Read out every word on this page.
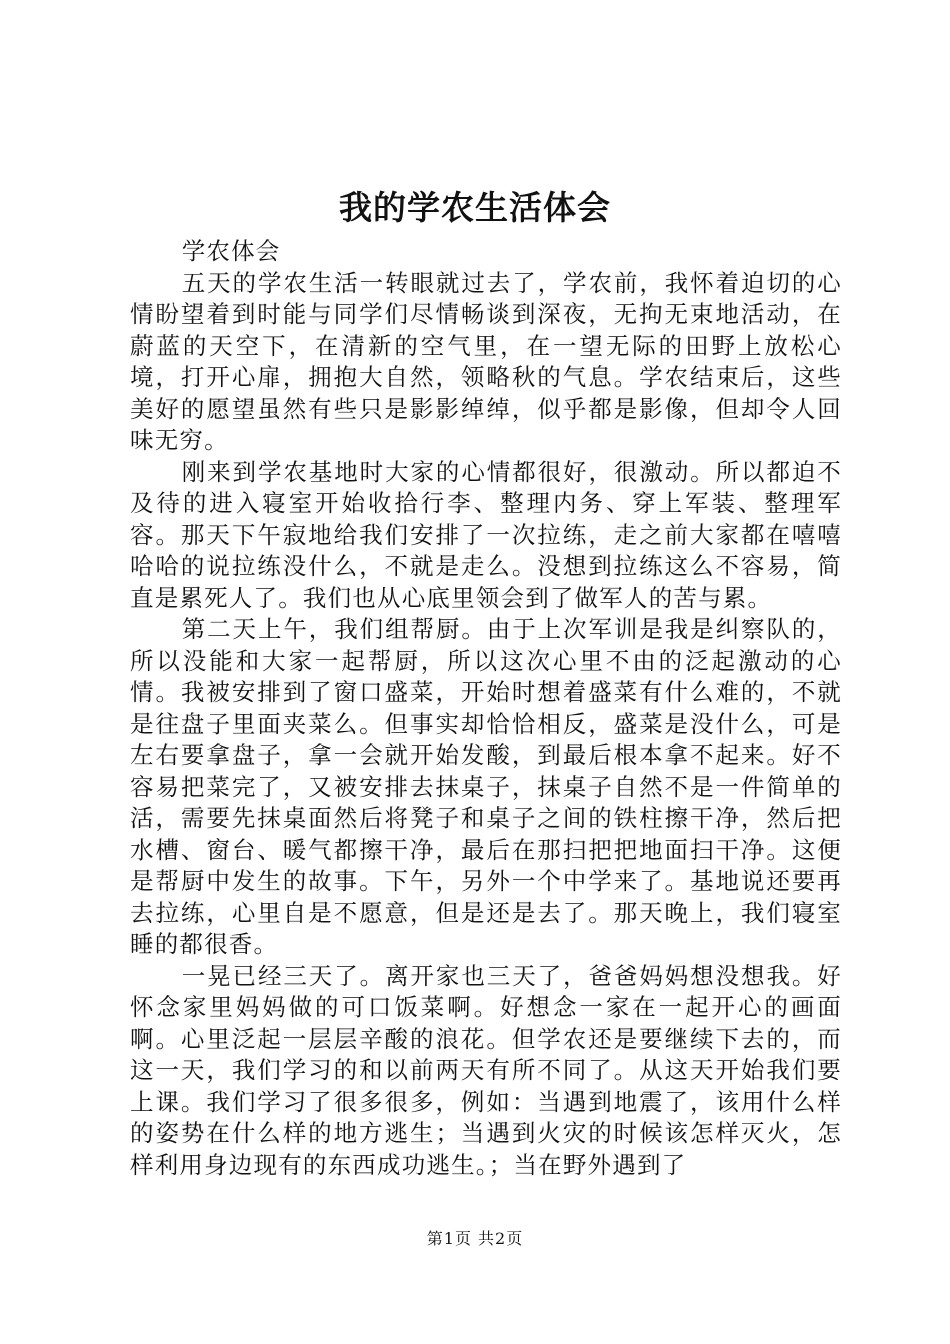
我的学农生活体会

学农体会

五天的学农生活一转眼就过去了，学农前，我怀着迫切的心情盼望着到时能与同学们尽情畅谈到深夜，无拘无束地活动，在蔚蓝的天空下，在清新的空气里，在一望无际的田野上放松心境，打开心扉，拥抱大自然，领略秋的气息。学农结束后，这些美好的愿望虽然有些只是影影绰绰，似乎都是影像，但却令人回味无穷。

刚来到学农基地时大家的心情都很好，很激动。所以都迫不及待的进入寝室开始收拾行李、整理内务、穿上军装、整理军容。那天下午寂地给我们安排了一次拉练，走之前大家都在嘻嘻哈哈的说拉练没什么，不就是走么。没想到拉练这么不容易，简直是累死人了。我们也从心底里领会到了做军人的苦与累。

第二天上午，我们组帮厨。由于上次军训是我是纠察队的，所以没能和大家一起帮厨，所以这次心里不由的泛起激动的心情。我被安排到了窗口盛菜，开始时想着盛菜有什么难的，不就是往盘子里面夹菜么。但事实却恰恰相反，盛菜是没什么，可是左右要拿盘子，拿一会就开始发酸，到最后根本拿不起来。好不容易把菜完了，又被安排去抹桌子，抹桌子自然不是一件简单的活，需要先抹桌面然后将凳子和桌子之间的铁柱擦干净，然后把水槽、窗台、暖气都擦干净，最后在那扫把把地面扫干净。这便是帮厨中发生的故事。下午，另外一个中学来了。基地说还要再去拉练，心里自是不愿意，但是还是去了。那天晚上，我们寝室睡的都很香。

一晃已经三天了。离开家也三天了，爸爸妈妈想没想我。好怀念家里妈妈做的可口饭菜啊。好想念一家在一起开心的画面啊。心里泛起一层层辛酸的浪花。但学农还是要继续下去的，而这一天，我们学习的和以前两天有所不同了。从这天开始我们要上课。我们学习了很多很多，例如：当遇到地震了，该用什么样的姿势在什么样的地方逃生；当遇到火灾的时候该怎样灭火，怎样利用身边现有的东西成功逃生。；当在野外遇到了

第1页 共2页
